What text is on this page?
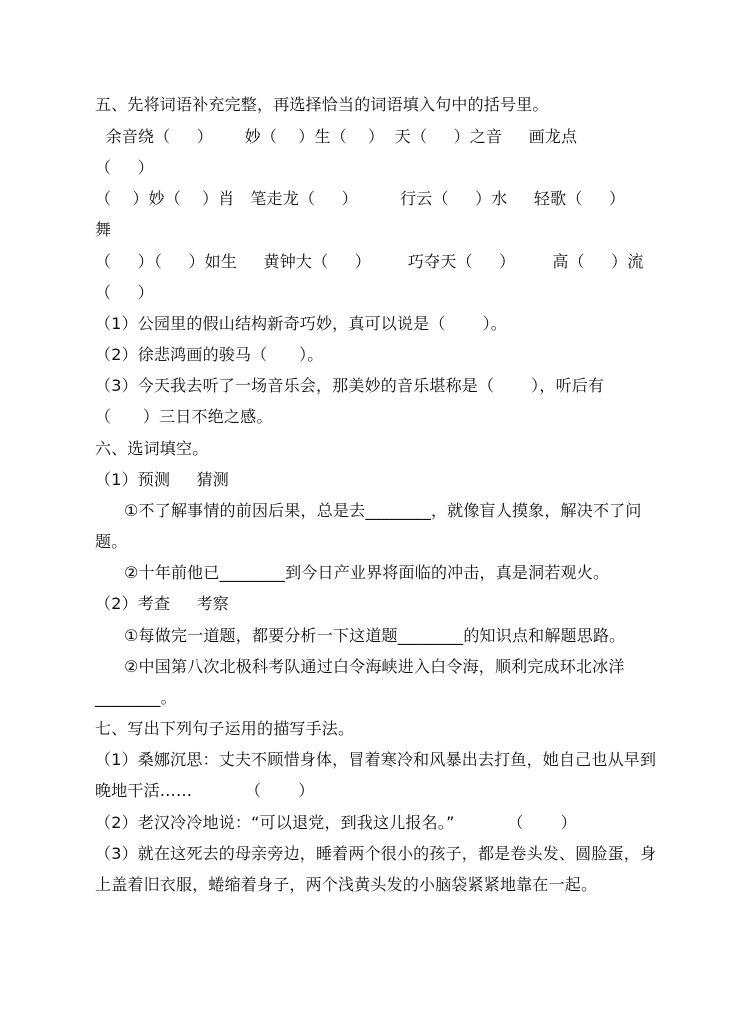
五、先将词语补充完整，再选择恰当的词语填入句中的括号里。
余音绕（     ）      妙（    ）生（    ）  天（     ）之音     画龙点
（     ）
（    ）妙（    ）肖   笔走龙（     ）        行云（     ）水     轻歌（     ）
舞
（     ）（     ）如生     黄钟大（     ）       巧夺天（     ）       高（     ）流
（     ）
（1）公园里的假山结构新奇巧妙，真可以说是（       ）。
（2）徐悲鸿画的骏马（      ）。
（3）今天我去听了一场音乐会，那美妙的音乐堪称是（       ），听后有
（      ）三日不绝之感。
六、选词填空。
（1）预测     猜测
①不了解事情的前因后果，总是去________，就像盲人摸象，解决不了问
题。
②十年前他已________到今日产业界将面临的冲击，真是洞若观火。
（2）考查     考察
①每做完一道题，都要分析一下这道题________的知识点和解题思路。
②中国第八次北极科考队通过白令海峡进入白令海，顺利完成环北冰洋
________。
七、写出下列句子运用的描写手法。
（1）桑娜沉思：丈夫不顾惜身体，冒着寒冷和风暴出去打鱼，她自己也从早到
晚地干活……          （       ）
（2）老汉冷冷地说：“可以退党，到我这儿报名。”          （       ）
（3）就在这死去的母亲旁边，睡着两个很小的孩子，都是卷头发、圆脸蛋，身
上盖着旧衣服，蜷缩着身子，两个浅黄头发的小脑袋紧紧地靠在一起。
